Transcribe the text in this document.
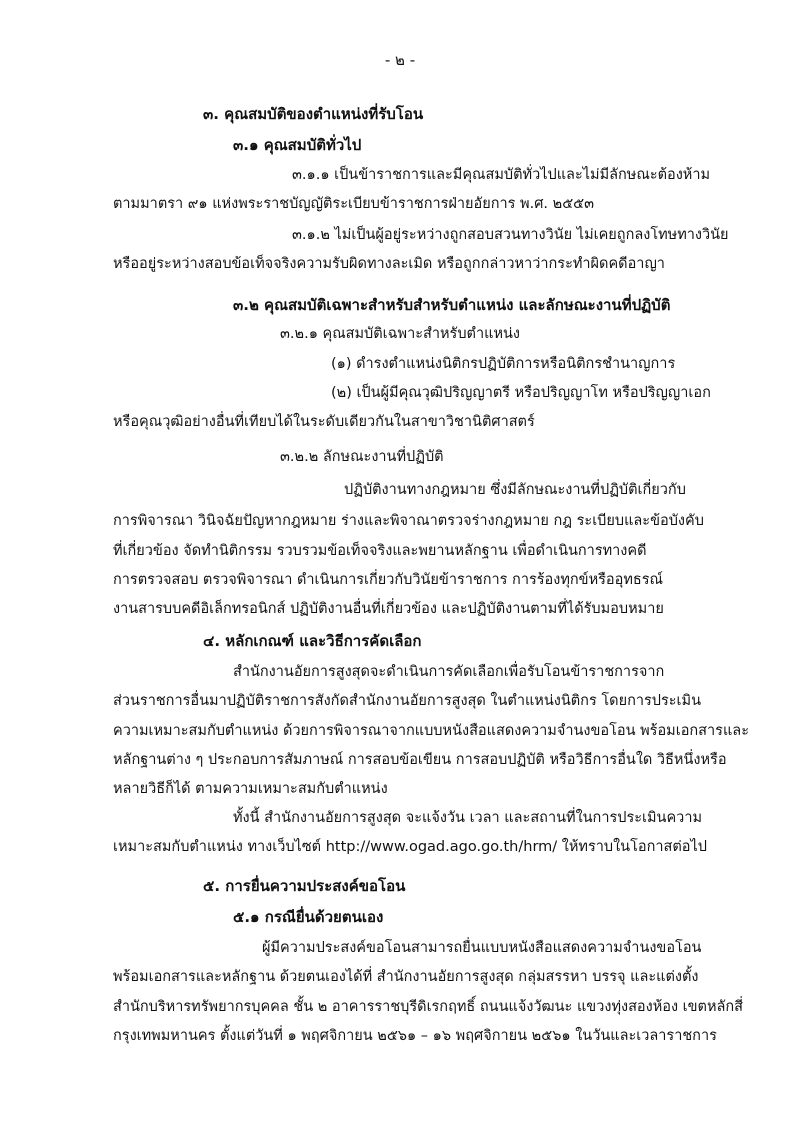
- ๒ -
๓. คุณสมบัติของตำแหน่งที่รับโอน
๓.๑ คุณสมบัติทั่วไป
๓.๑.๑ เป็นข้าราชการและมีคุณสมบัติทั่วไปและไม่มีลักษณะต้องห้าม
ตามมาตรา ๙๑ แห่งพระราชบัญญัติระเบียบข้าราชการฝ่ายอัยการ พ.ศ. ๒๕๕๓
๓.๑.๒ ไม่เป็นผู้อยู่ระหว่างถูกสอบสวนทางวินัย ไม่เคยถูกลงโทษทางวินัย
หรืออยู่ระหว่างสอบข้อเท็จจริงความรับผิดทางละเมิด หรือถูกกล่าวหาว่ากระทำผิดคดีอาญา
๓.๒ คุณสมบัติเฉพาะสำหรับสำหรับตำแหน่ง และลักษณะงานที่ปฏิบัติ
๓.๒.๑ คุณสมบัติเฉพาะสำหรับตำแหน่ง
(๑) ดำรงตำแหน่งนิติกรปฏิบัติการหรือนิติกรชำนาญการ
(๒) เป็นผู้มีคุณวุฒิปริญญาตรี หรือปริญญาโท หรือปริญญาเอก
หรือคุณวุฒิอย่างอื่นที่เทียบได้ในระดับเดียวกันในสาขาวิชานิติศาสตร์
๓.๒.๒ ลักษณะงานที่ปฏิบัติ
ปฏิบัติงานทางกฎหมาย ซึ่งมีลักษณะงานที่ปฏิบัติเกี่ยวกับ
การพิจารณา วินิจฉัยปัญหากฎหมาย ร่างและพิจาณาตรวจร่างกฎหมาย กฎ ระเบียบและข้อบังคับ
ที่เกี่ยวข้อง จัดทำนิติกรรม รวบรวมข้อเท็จจริงและพยานหลักฐาน เพื่อดำเนินการทางคดี
การตรวจสอบ ตรวจพิจารณา ดำเนินการเกี่ยวกับวินัยข้าราชการ การร้องทุกข์หรืออุทธรณ์
งานสารบบคดีอิเล็กทรอนิกส์ ปฏิบัติงานอื่นที่เกี่ยวข้อง และปฏิบัติงานตามที่ได้รับมอบหมาย
๔. หลักเกณฑ์ และวิธีการคัดเลือก
สำนักงานอัยการสูงสุดจะดำเนินการคัดเลือกเพื่อรับโอนข้าราชการจาก
ส่วนราชการอื่นมาปฏิบัติราชการสังกัดสำนักงานอัยการสูงสุด ในตำแหน่งนิติกร โดยการประเมิน
ความเหมาะสมกับตำแหน่ง ด้วยการพิจารณาจากแบบหนังสือแสดงความจำนงขอโอน พร้อมเอกสารและ
หลักฐานต่าง ๆ ประกอบการสัมภาษณ์ การสอบข้อเขียน การสอบปฏิบัติ หรือวิธีการอื่นใด วิธีหนึ่งหรือ
หลายวิธีก็ได้ ตามความเหมาะสมกับตำแหน่ง
ทั้งนี้ สำนักงานอัยการสูงสุด จะแจ้งวัน เวลา และสถานที่ในการประเมินความ
เหมาะสมกับตำแหน่ง ทางเว็บไซต์ http://www.ogad.ago.go.th/hrm/ ให้ทราบในโอกาสต่อไป
๕. การยื่นความประสงค์ขอโอน
๕.๑ กรณียื่นด้วยตนเอง
ผู้มีความประสงค์ขอโอนสามารถยื่นแบบหนังสือแสดงความจำนงขอโอน
พร้อมเอกสารและหลักฐาน ด้วยตนเองได้ที่ สำนักงานอัยการสูงสุด กลุ่มสรรหา บรรจุ และแต่งตั้ง
สำนักบริหารทรัพยากรบุคคล ชั้น ๒ อาคารราชบุรีดิเรกฤทธิ์ ถนนแจ้งวัฒนะ แขวงทุ่งสองห้อง เขตหลักสี่
กรุงเทพมหานคร ตั้งแต่วันที่ ๑ พฤศจิกายน ๒๕๖๑ – ๑๖ พฤศจิกายน ๒๕๖๑ ในวันและเวลาราชการ
